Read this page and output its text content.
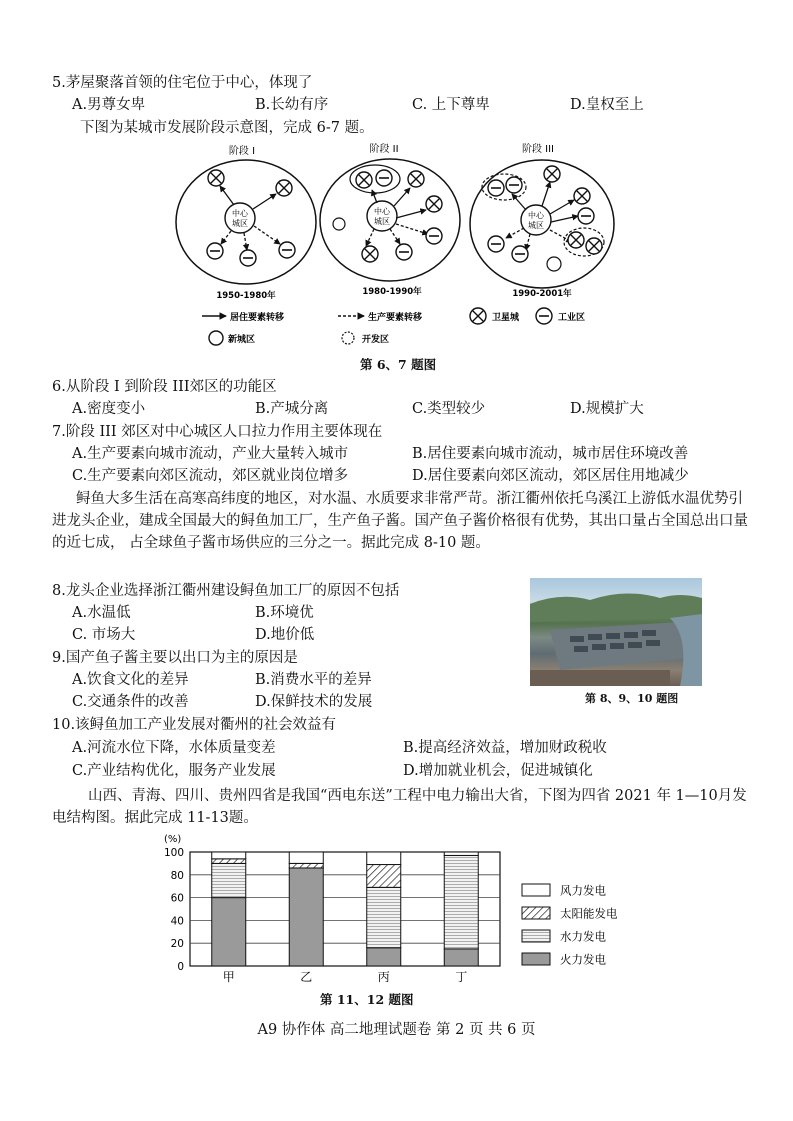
5.茅屋聚落首领的住宅位于中心，体现了
A.男尊女卑	B.长幼有序	C. 上下尊卑	D.皇权至上
下图为某城市发展阶段示意图，完成 6-7 题。
阶段 I	阶段 II	阶段 III
中心
城区
1950-1980年
中心
城区
1980-1990年
中心
城区
1990-2001年
居住要素转移	生产要素转移	卫星城	工业区
新城区	开发区
第 6、7 题图
6.从阶段 I 到阶段 III郊区的功能区
A.密度变小	B.产城分离	C.类型较少	D.规模扩大
7.阶段 III 郊区对中心城区人口拉力作用主要体现在
A.生产要素向城市流动，产业大量转入城市	B.居住要素向城市流动，城市居住环境改善
C.生产要素向郊区流动，郊区就业岗位增多	D.居住要素向郊区流动，郊区居住用地减少
鲟鱼大多生活在高寒高纬度的地区，对水温、水质要求非常严苛。浙江衢州依托乌溪江上游低水温优势引进龙头企业，建成全国最大的鲟鱼加工厂，生产鱼子酱。国产鱼子酱价格很有优势，其出口量占全国总出口量的近七成， 占全球鱼子酱市场供应的三分之一。据此完成 8-10 题。
8.龙头企业选择浙江衢州建设鲟鱼加工厂的原因不包括
A.水温低	B.环境优
C. 市场大	D.地价低
第 8、9、10 题图
9.国产鱼子酱主要以出口为主的原因是
A.饮食文化的差异	B.消费水平的差异
C.交通条件的改善	D.保鲜技术的发展
10.该鲟鱼加工产业发展对衢州的社会效益有
A.河流水位下降，水体质量变差	B.提高经济效益，增加财政税收
C.产业结构优化，服务产业发展	D.增加就业机会，促进城镇化
山西、青海、四川、贵州四省是我国“西电东送”工程中电力输出大省，下图为四省 2021 年 1—10月发电结构图。据此完成 11-13题。
0
20
40
60
80
100
(%)
甲	乙	丙	丁
风力发电
太阳能发电
水力发电
火力发电
第 11、12 题图
A9 协作体 高二地理试题卷 第 2 页 共 6 页
